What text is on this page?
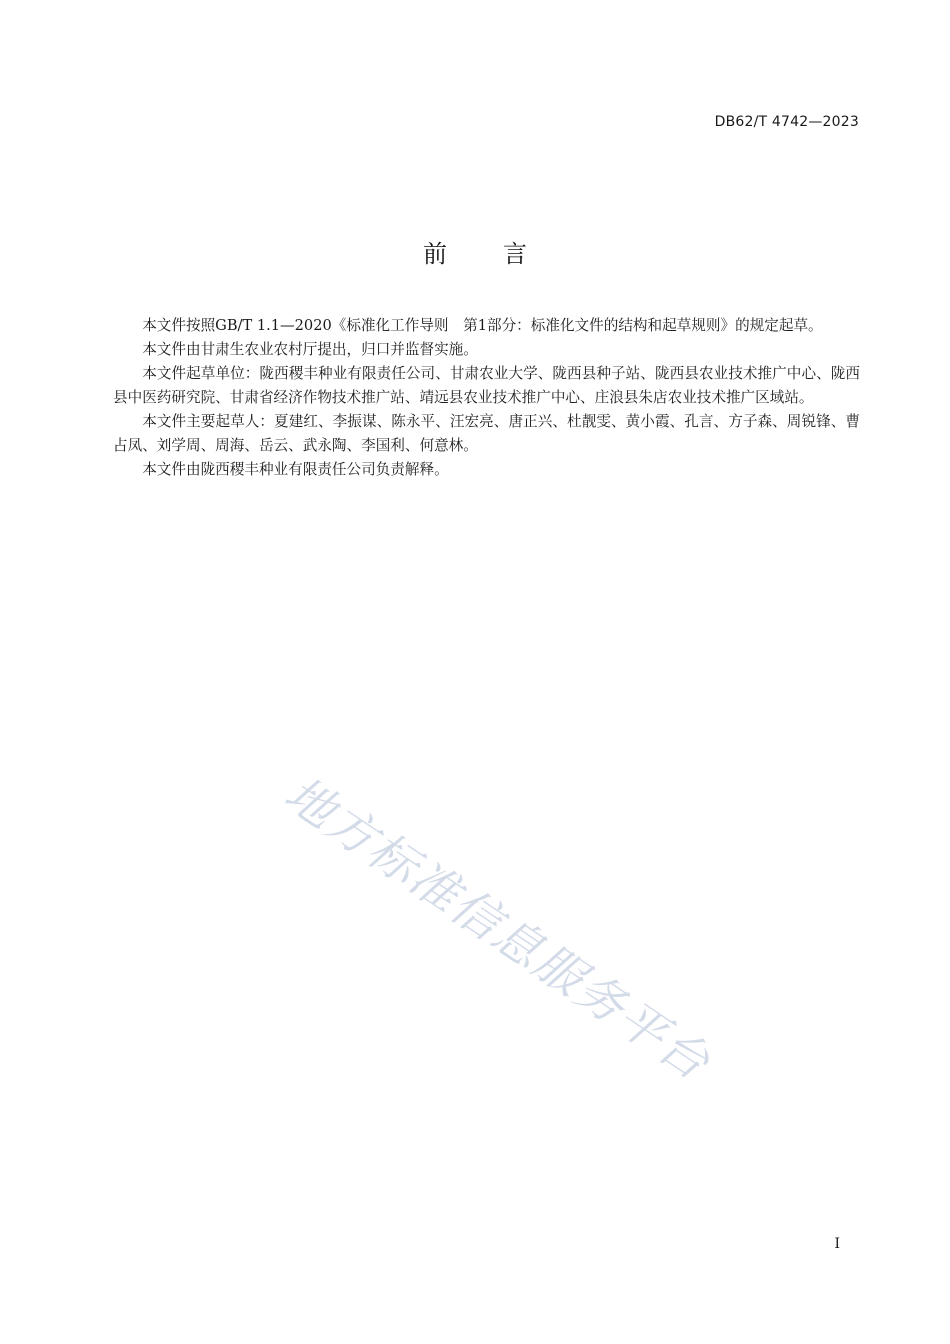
DB62/T 4742—2023
前言

本文件按照GB/T 1.1—2020《标准化工作导则　第1部分：标准化文件的结构和起草规则》的规定起草。

本文件由甘肃生农业农村厅提出，归口并监督实施。

本文件起草单位：陇西稷丰种业有限责任公司、甘肃农业大学、陇西县种子站、陇西县农业技术推广中心、陇西县中医药研究院、甘肃省经济作物技术推广站、靖远县农业技术推广中心、庄浪县朱店农业技术推广区域站。

本文件主要起草人：夏建红、李振谋、陈永平、汪宏亮、唐正兴、杜靓雯、黄小霞、孔言、方子森、周锐锋、曹占凤、刘学周、周海、岳云、武永陶、李国利、何意林。

本文件由陇西稷丰种业有限责任公司负责解释。

地方标准信息服务平台
I
